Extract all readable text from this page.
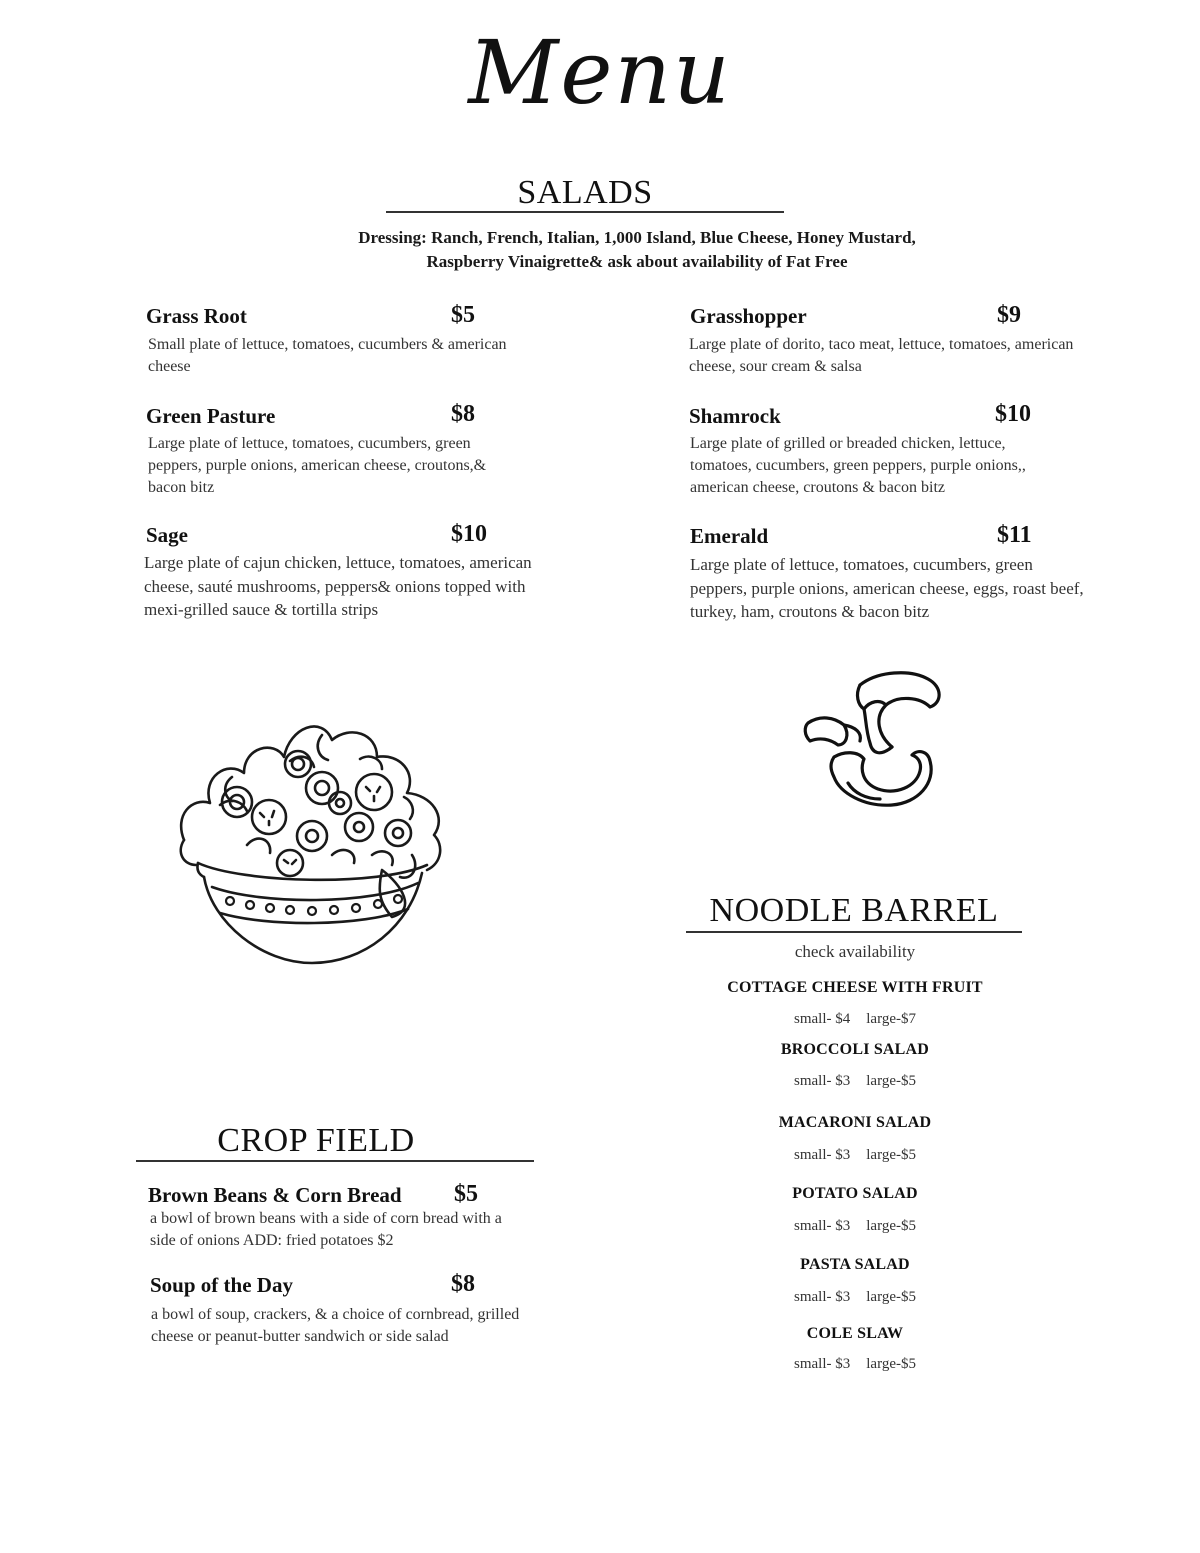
Menu
SALADS
Dressing: Ranch, French, Italian, 1,000 Island, Blue Cheese, Honey Mustard,
Raspberry Vinaigrette& ask about availability of Fat Free
Grass Root	$5
Small plate of lettuce, tomatoes, cucumbers & american cheese
Green Pasture	$8
Large plate of lettuce, tomatoes, cucumbers, green peppers, purple onions, american cheese, croutons,& bacon bitz
Sage	$10
Large plate of cajun chicken, lettuce, tomatoes, american cheese, sauté mushrooms, peppers& onions topped with mexi-grilled sauce & tortilla strips
Grasshopper	$9
Large plate of dorito, taco meat, lettuce, tomatoes, american cheese, sour cream & salsa
Shamrock	$10
Large plate of grilled or breaded chicken, lettuce, tomatoes, cucumbers, green peppers, purple onions,, american cheese, croutons & bacon bitz
Emerald	$11
Large plate of lettuce, tomatoes, cucumbers, green peppers, purple onions, american cheese, eggs, roast beef, turkey, ham, croutons & bacon bitz
NOODLE BARREL
check availability
COTTAGE CHEESE WITH FRUIT
small- $4 large-$7
BROCCOLI SALAD
small- $3 large-$5
MACARONI SALAD
small- $3 large-$5
POTATO SALAD
small- $3 large-$5
PASTA SALAD
small- $3 large-$5
COLE SLAW
small- $3 large-$5
CROP FIELD
Brown Beans & Corn Bread $5
a bowl of brown beans with a side of corn bread with a side of onions ADD: fried potatoes $2
Soup of the Day	$8
a bowl of soup, crackers, & a choice of cornbread, grilled cheese or peanut-butter sandwich or side salad
